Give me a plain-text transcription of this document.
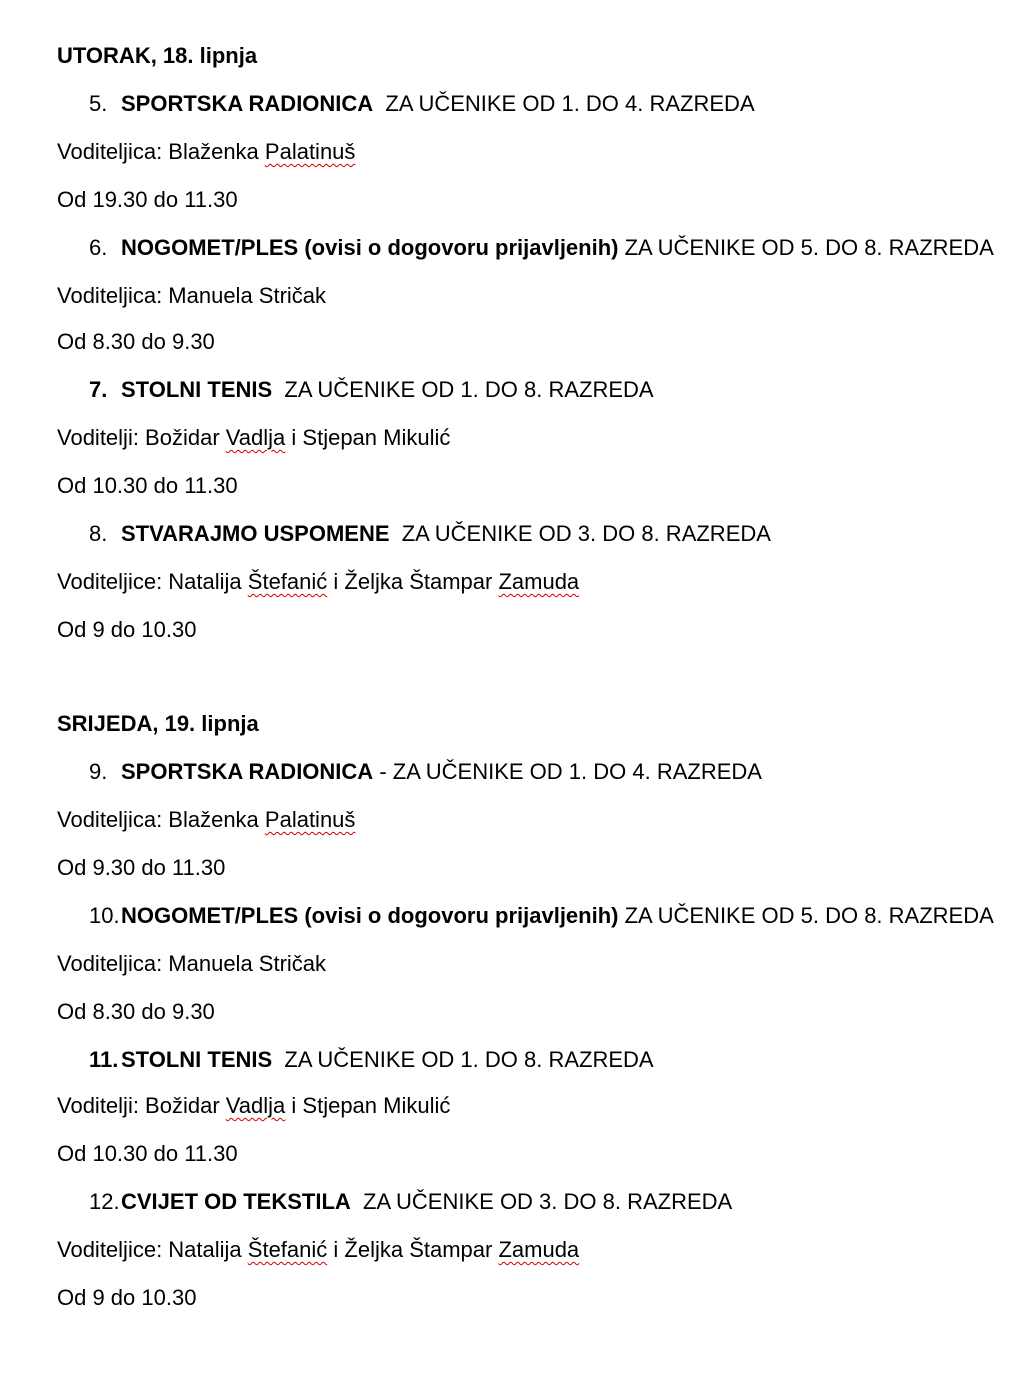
UTORAK, 18. lipnja
5. SPORTSKA RADIONICA  ZA UČENIKE OD 1. DO 4. RAZREDA
Voditeljica: Blaženka Palatinuš
Od 19.30 do 11.30
6. NOGOMET/PLES (ovisi o dogovoru prijavljenih) ZA UČENIKE OD 5. DO 8. RAZREDA
Voditeljica: Manuela Stričak
Od 8.30 do 9.30
7. STOLNI TENIS  ZA UČENIKE OD 1. DO 8. RAZREDA
Voditelji: Božidar Vadlja i Stjepan Mikulić
Od 10.30 do 11.30
8. STVARAJMO USPOMENE  ZA UČENIKE OD 3. DO 8. RAZREDA
Voditeljice: Natalija Štefanić i Željka Štampar Zamuda
Od 9 do 10.30
SRIJEDA, 19. lipnja
9. SPORTSKA RADIONICA - ZA UČENIKE OD 1. DO 4. RAZREDA
Voditeljica: Blaženka Palatinuš
Od 9.30 do 11.30
10.NOGOMET/PLES (ovisi o dogovoru prijavljenih) ZA UČENIKE OD 5. DO 8. RAZREDA
Voditeljica: Manuela Stričak
Od 8.30 do 9.30
11. STOLNI TENIS  ZA UČENIKE OD 1. DO 8. RAZREDA
Voditelji: Božidar Vadlja i Stjepan Mikulić
Od 10.30 do 11.30
12.CVIJET OD TEKSTILA  ZA UČENIKE OD 3. DO 8. RAZREDA
Voditeljice: Natalija Štefanić i Željka Štampar Zamuda
Od 9 do 10.30
